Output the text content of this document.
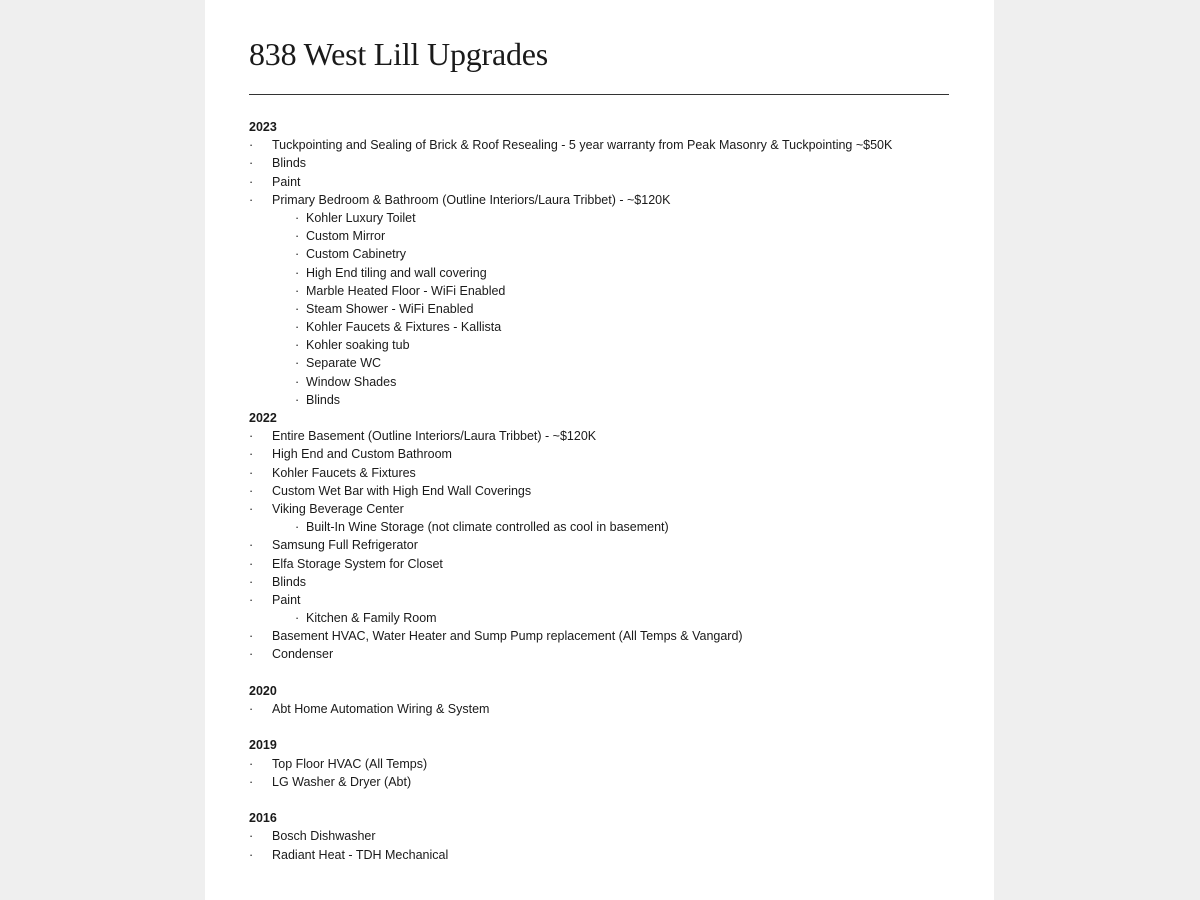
838 West Lill Upgrades
2023
·	Tuckpointing and Sealing of Brick & Roof Resealing - 5 year warranty from Peak Masonry & Tuckpointing ~$50K
·	Blinds
·	Paint
·	Primary Bedroom & Bathroom (Outline Interiors/Laura Tribbet) - ~$120K
· Kohler Luxury Toilet
· Custom Mirror
· Custom Cabinetry
· High End tiling and wall covering
· Marble Heated Floor - WiFi Enabled
· Steam Shower - WiFi Enabled
· Kohler Faucets & Fixtures - Kallista
· Kohler soaking tub
· Separate WC
· Window Shades
· Blinds
2022
·	Entire Basement (Outline Interiors/Laura Tribbet) - ~$120K
·	High End and Custom Bathroom
·	Kohler Faucets & Fixtures
·	Custom Wet Bar with High End Wall Coverings
·	Viking Beverage Center
· Built-In Wine Storage (not climate controlled as cool in basement)
·	Samsung Full Refrigerator
·	Elfa Storage System for Closet
·	Blinds
·	Paint
· Kitchen & Family Room
·	Basement HVAC, Water Heater and Sump Pump replacement (All Temps & Vangard)
·	Condenser
2020
·	Abt Home Automation Wiring & System
2019
·	Top Floor HVAC (All Temps)
·	LG Washer & Dryer (Abt)
2016
·	Bosch Dishwasher
·	Radiant Heat - TDH Mechanical
